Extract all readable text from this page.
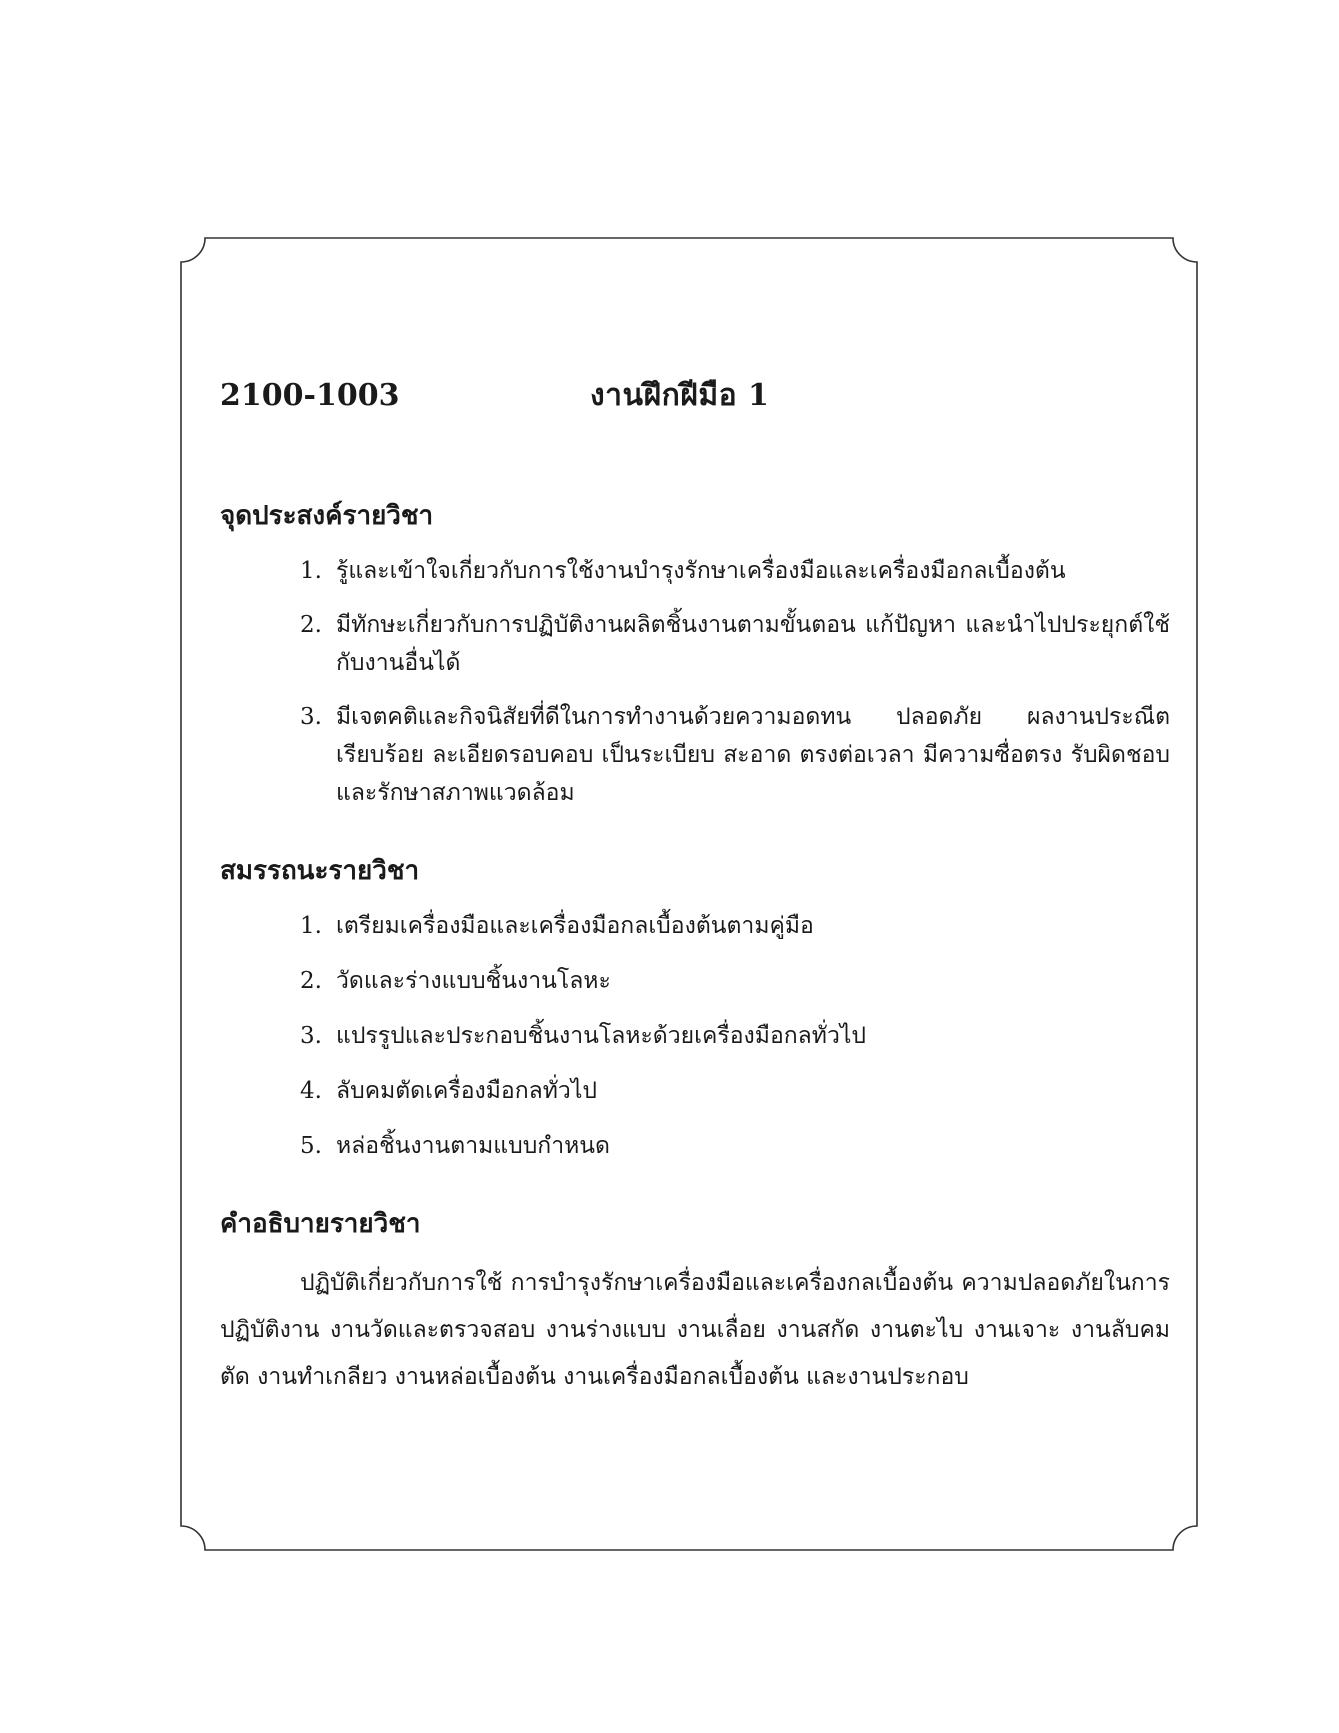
2100-1003	งานฝึกฝีมือ 1
จุดประสงค์รายวิชา
1. รู้และเข้าใจเกี่ยวกับการใช้งานบำรุงรักษาเครื่องมือและเครื่องมือกลเบื้องต้น
2. มีทักษะเกี่ยวกับการปฏิบัติงานผลิตชิ้นงานตามขั้นตอน แก้ปัญหา และนำไปประยุกต์ใช้กับงานอื่นได้
3. มีเจตคติและกิจนิสัยที่ดีในการทำงานด้วยความอดทน ปลอดภัย ผลงานประณีตเรียบร้อย ละเอียดรอบคอบ เป็นระเบียบ สะอาด ตรงต่อเวลา มีความซื่อตรง รับผิดชอบ และรักษาสภาพแวดล้อม
สมรรถนะรายวิชา
1. เตรียมเครื่องมือและเครื่องมือกลเบื้องต้นตามคู่มือ
2. วัดและร่างแบบชิ้นงานโลหะ
3. แปรรูปและประกอบชิ้นงานโลหะด้วยเครื่องมือกลทั่วไป
4. ลับคมตัดเครื่องมือกลทั่วไป
5. หล่อชิ้นงานตามแบบกำหนด
คำอธิบายรายวิชา

ปฏิบัติเกี่ยวกับการใช้ การบำรุงรักษาเครื่องมือและเครื่องกลเบื้องต้น ความปลอดภัยในการปฏิบัติงาน งานวัดและตรวจสอบ งานร่างแบบ งานเลื่อย งานสกัด งานตะไบ งานเจาะ งานลับคมตัด งานทำเกลียว งานหล่อเบื้องต้น งานเครื่องมือกลเบื้องต้น และงานประกอบ
